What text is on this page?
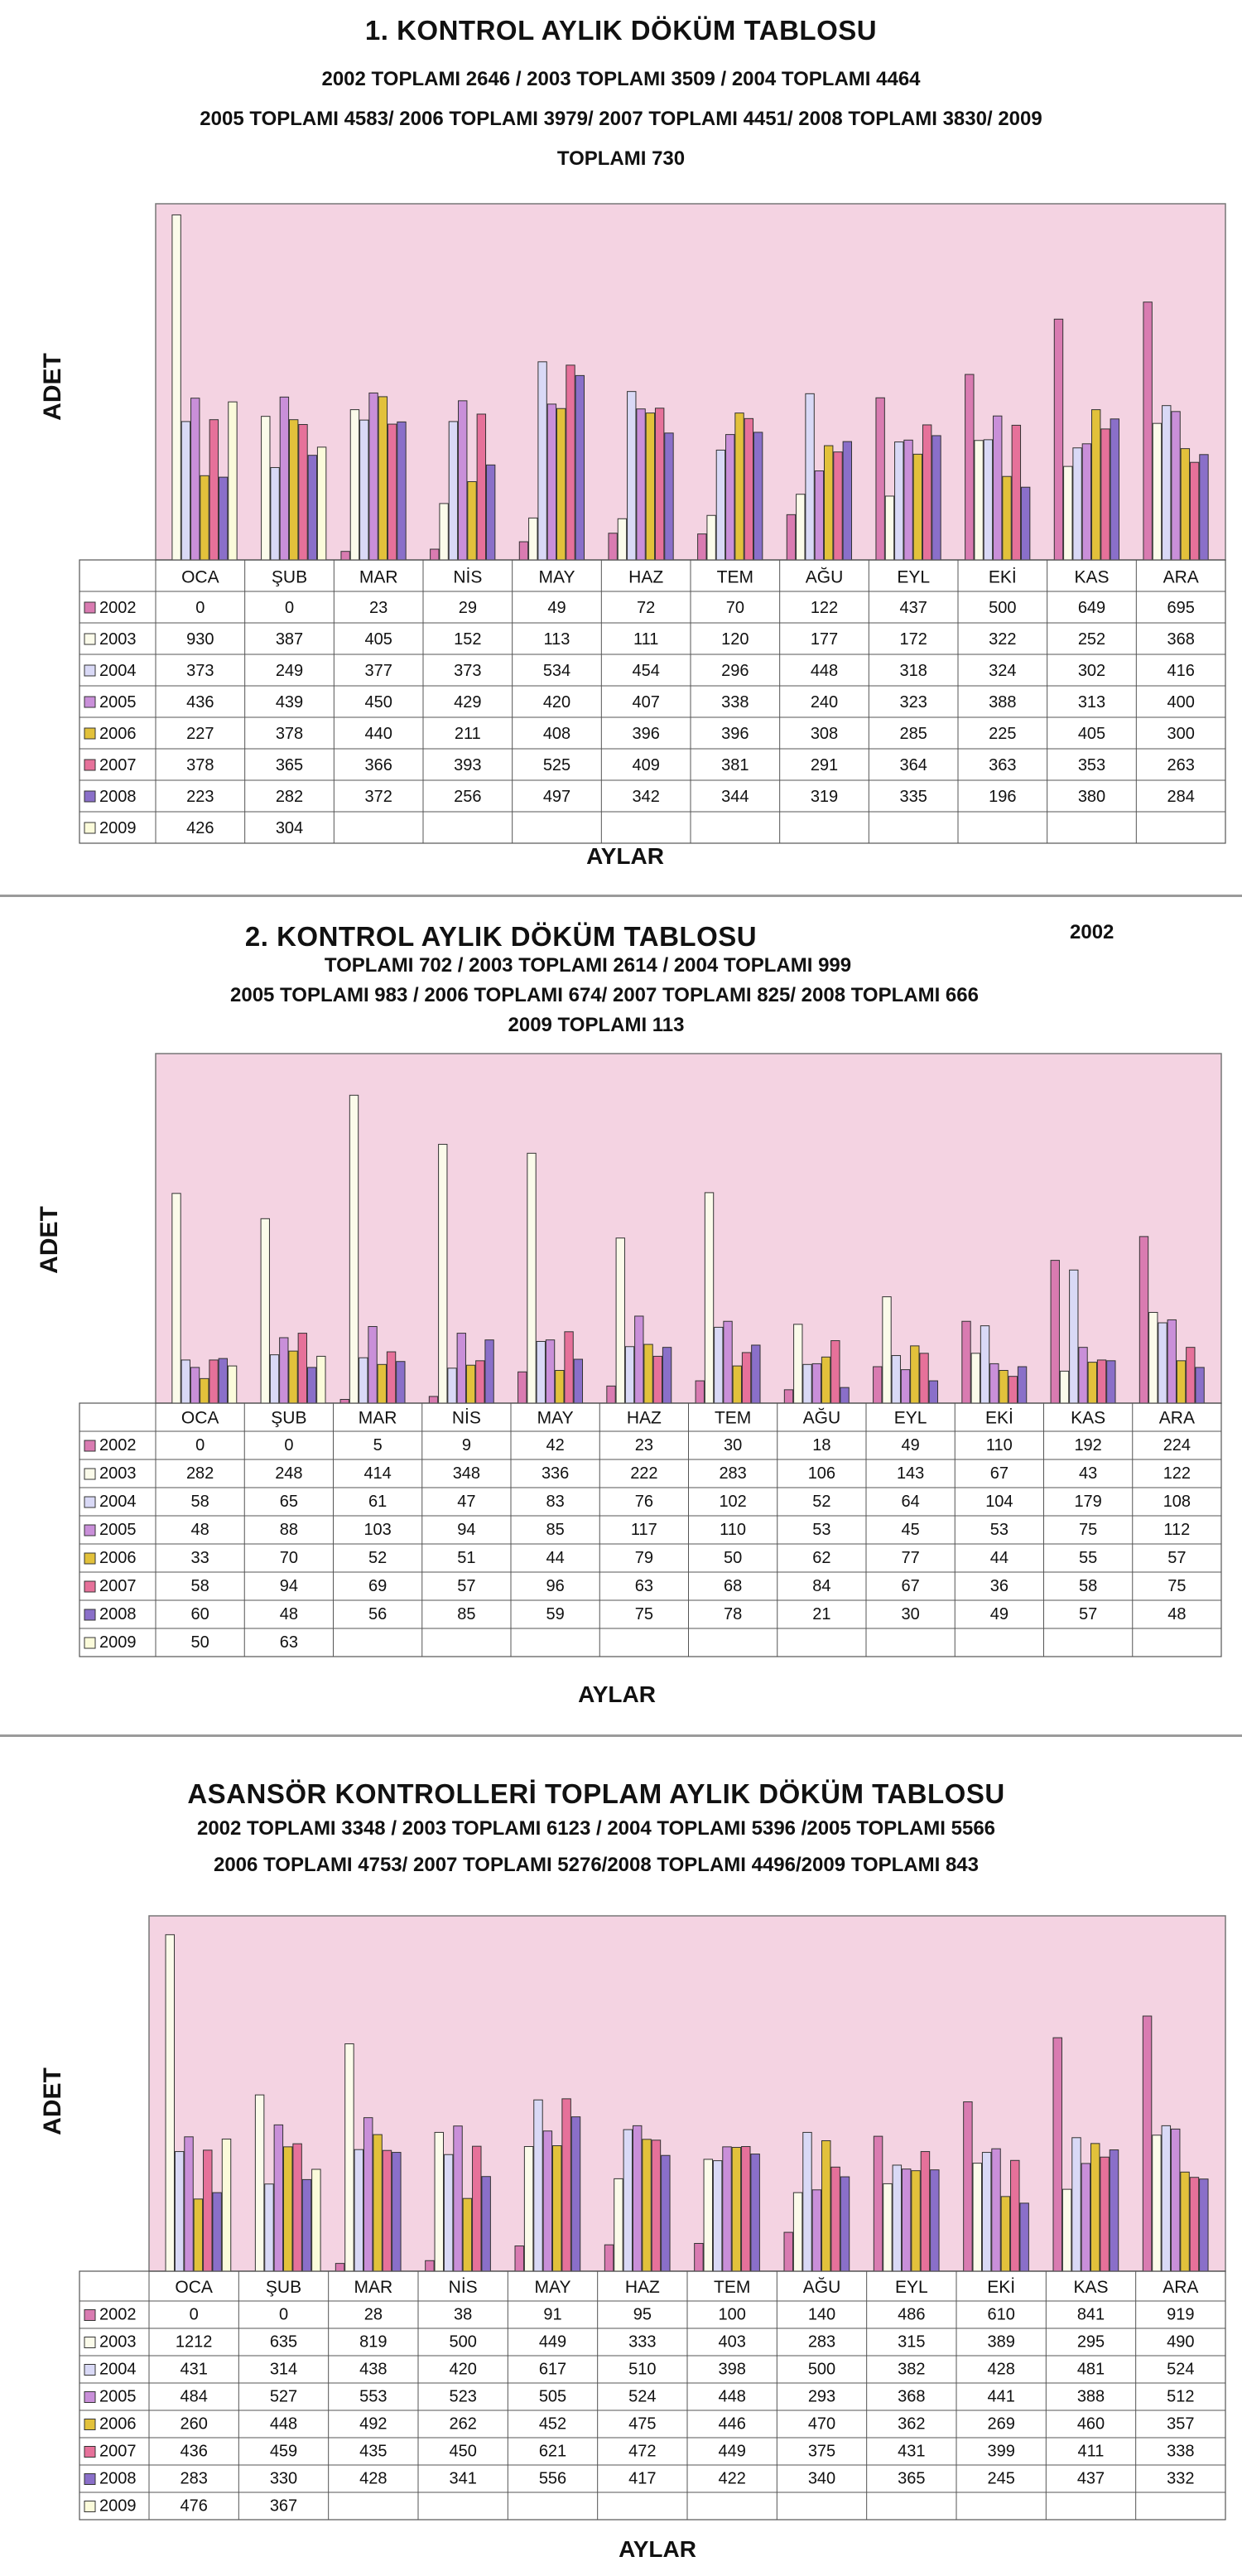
1. KONTROL AYLIK DÖKÜM TABLOSU
2002 TOPLAMI 2646 / 2003 TOPLAMI 3509 / 2004 TOPLAMI 4464
2005 TOPLAMI 4583/ 2006 TOPLAMI 3979/ 2007 TOPLAMI 4451/ 2008 TOPLAMI 3830/ 2009
TOPLAMI 730
ADET
OCA	ŞUB	MAR	NİS	MAY	HAZ	TEM	AĞU	EYL	EKİ	KAS	ARA
2002	0	0	23	29	49	72	70	122	437	500	649	695
2003	930	387	405	152	113	111	120	177	172	322	252	368
2004	373	249	377	373	534	454	296	448	318	324	302	416
2005	436	439	450	429	420	407	338	240	323	388	313	400
2006	227	378	440	211	408	396	396	308	285	225	405	300
2007	378	365	366	393	525	409	381	291	364	363	353	263
2008	223	282	372	256	497	342	344	319	335	196	380	284
2009	426	304
AYLAR
2. KONTROL AYLIK DÖKÜM TABLOSU	2002
TOPLAMI 702 / 2003 TOPLAMI 2614 / 2004 TOPLAMI 999
2005 TOPLAMI 983 / 2006 TOPLAMI 674/ 2007 TOPLAMI 825/ 2008 TOPLAMI 666
2009 TOPLAMI 113
ADET
OCA	ŞUB	MAR	NİS	MAY	HAZ	TEM	AĞU	EYL	EKİ	KAS	ARA
2002	0	0	5	9	42	23	30	18	49	110	192	224
2003	282	248	414	348	336	222	283	106	143	67	43	122
2004	58	65	61	47	83	76	102	52	64	104	179	108
2005	48	88	103	94	85	117	110	53	45	53	75	112
2006	33	70	52	51	44	79	50	62	77	44	55	57
2007	58	94	69	57	96	63	68	84	67	36	58	75
2008	60	48	56	85	59	75	78	21	30	49	57	48
2009	50	63
AYLAR
ASANSÖR KONTROLLERİ TOPLAM AYLIK DÖKÜM TABLOSU
2002 TOPLAMI 3348 / 2003 TOPLAMI 6123 / 2004 TOPLAMI 5396 /2005 TOPLAMI 5566
2006 TOPLAMI 4753/ 2007 TOPLAMI 5276/2008 TOPLAMI 4496/2009 TOPLAMI 843
ADET
OCA	ŞUB	MAR	NİS	MAY	HAZ	TEM	AĞU	EYL	EKİ	KAS	ARA
2002	0	0	28	38	91	95	100	140	486	610	841	919
2003 1212	635	819	500	449	333	403	283	315	389	295	490
2004	431	314	438	420	617	510	398	500	382	428	481	524
2005	484	527	553	523	505	524	448	293	368	441	388	512
2006	260	448	492	262	452	475	446	470	362	269	460	357
2007	436	459	435	450	621	472	449	375	431	399	411	338
2008	283	330	428	341	556	417	422	340	365	245	437	332
2009	476	367
AYLAR
